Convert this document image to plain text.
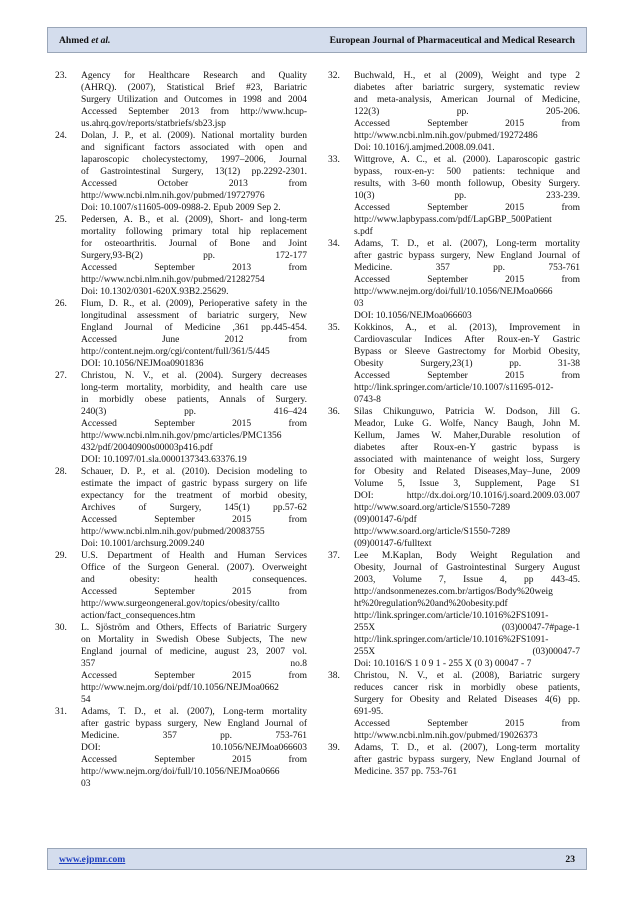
Ahmed et al.	European Journal of Pharmaceutical and Medical Research
23. Agency for Healthcare Research and Quality
(AHRQ). (2007), Statistical Brief #23, Bariatric
Surgery Utilization and Outcomes in 1998 and 2004
Accessed September 2013 from http://www.hcup-
us.ahrq.gov/reports/statbriefs/sb23.jsp
24. Dolan, J. P., et al. (2009). National mortality burden
and significant factors associated with open and
laparoscopic cholecystectomy, 1997–2006, Journal
of Gastrointestinal Surgery, 13(12) pp.2292-2301.
Accessed October 2013 from
http://www.ncbi.nlm.nih.gov/pubmed/19727976
Doi: 10.1007/s11605-009-0988-2. Epub 2009 Sep 2.
25. Pedersen, A. B., et al. (2009), Short- and long-term
mortality following primary total hip replacement
for osteoarthritis. Journal of Bone and Joint
Surgery,93-B(2) pp. 172-177
Accessed September 2013 from
http://www.ncbi.nlm.nih.gov/pubmed/21282754
Doi: 10.1302/0301-620X.93B2.25629.
26. Flum, D. R., et al. (2009), Perioperative safety in the
longitudinal assessment of bariatric surgery, New
England Journal of Medicine ,361 pp.445-454.
Accessed June 2012 from
http://content.nejm.org/cgi/content/full/361/5/445
DOI: 10.1056/NEJMoa0901836
27. Christou, N. V., et al. (2004). Surgery decreases
long-term mortality, morbidity, and health care use
in morbidly obese patients, Annals of Surgery.
240(3) pp. 416–424
Accessed September 2015 from
http://www.ncbi.nlm.nih.gov/pmc/articles/PMC1356
432/pdf/20040900s00003p416.pdf
DOI: 10.1097/01.sla.0000137343.63376.19
28. Schauer, D. P., et al. (2010). Decision modeling to
estimate the impact of gastric bypass surgery on life
expectancy for the treatment of morbid obesity,
Archives of Surgery, 145(1) pp.57-62
Accessed September 2015 from
http://www.ncbi.nlm.nih.gov/pubmed/20083755
Doi: 10.1001/archsurg.2009.240
29. U.S. Department of Health and Human Services
Office of the Surgeon General. (2007). Overweight
and obesity: health consequences.
Accessed September 2015 from
http://www.surgeongeneral.gov/topics/obesity/callto
action/fact_consequences.htm
30. L. Sjöström and Others, Effects of Bariatric Surgery
on Mortality in Swedish Obese Subjects, The new
England journal of medicine, august 23, 2007 vol.
357 no.8
Accessed September 2015 from
http://www.nejm.org/doi/pdf/10.1056/NEJMoa0662
54
31. Adams, T. D., et al. (2007), Long-term mortality
after gastric bypass surgery, New England Journal of
Medicine. 357 pp. 753-761
DOI: 10.1056/NEJMoa066603
Accessed September 2015 from
http://www.nejm.org/doi/full/10.1056/NEJMoa0666
03
32. Buchwald, H., et al (2009), Weight and type 2
diabetes after bariatric surgery, systematic review
and meta-analysis, American Journal of Medicine,
122(3) pp. 205-206.
Accessed September 2015 from
http://www.ncbi.nlm.nih.gov/pubmed/19272486
Doi: 10.1016/j.amjmed.2008.09.041.
33. Wittgrove, A. C., et al. (2000). Laparoscopic gastric
bypass, roux-en-y: 500 patients: technique and
results, with 3-60 month followup, Obesity Surgery.
10(3) pp. 233-239.
Accessed September 2015 from
http://www.lapbypass.com/pdf/LapGBP_500Patient
s.pdf
34. Adams, T. D., et al. (2007), Long-term mortality
after gastric bypass surgery, New England Journal of
Medicine. 357 pp. 753-761
Accessed September 2015 from
http://www.nejm.org/doi/full/10.1056/NEJMoa0666
03
DOI: 10.1056/NEJMoa066603
35. Kokkinos, A., et al. (2013), Improvement in
Cardiovascular Indices After Roux-en-Y Gastric
Bypass or Sleeve Gastrectomy for Morbid Obesity,
Obesity Surgery,23(1) pp. 31-38
Accessed September 2015 from
http://link.springer.com/article/10.1007/s11695-012-
0743-8
36. Silas Chikunguwo, Patricia W. Dodson, Jill G.
Meador, Luke G. Wolfe, Nancy Baugh, John M.
Kellum, James W. Maher,Durable resolution of
diabetes after Roux-en-Y gastric bypass is
associated with maintenance of weight loss, Surgery
for Obesity and Related Diseases,May–June, 2009
Volume 5, Issue 3, Supplement, Page S1
DOI: http://dx.doi.org/10.1016/j.soard.2009.03.007
http://www.soard.org/article/S1550-7289
(09)00147-6/pdf
http://www.soard.org/article/S1550-7289
(09)00147-6/fulltext
37. Lee M.Kaplan, Body Weight Regulation and
Obesity, Journal of Gastrointestinal Surgery August
2003, Volume 7, Issue 4, pp 443-45.
http://andsonmenezes.com.br/artigos/Body%20weig
ht%20regulation%20and%20obesity.pdf
http://link.springer.com/article/10.1016%2FS1091-
255X (03)00047-7#page-1
http://link.springer.com/article/10.1016%2FS1091-
255X (03)00047-7
Doi: 10.1016/S 1 0 9 1 - 255 X (0 3) 00047 - 7
38. Christou, N. V., et al. (2008), Bariatric surgery
reduces cancer risk in morbidly obese patients,
Surgery for Obesity and Related Diseases 4(6) pp.
691-95.
Accessed September 2015 from
http://www.ncbi.nlm.nih.gov/pubmed/19026373
39. Adams, T. D., et al. (2007), Long-term mortality
after gastric bypass surgery, New England Journal of
Medicine. 357 pp. 753-761
www.ejpmr.com	23
